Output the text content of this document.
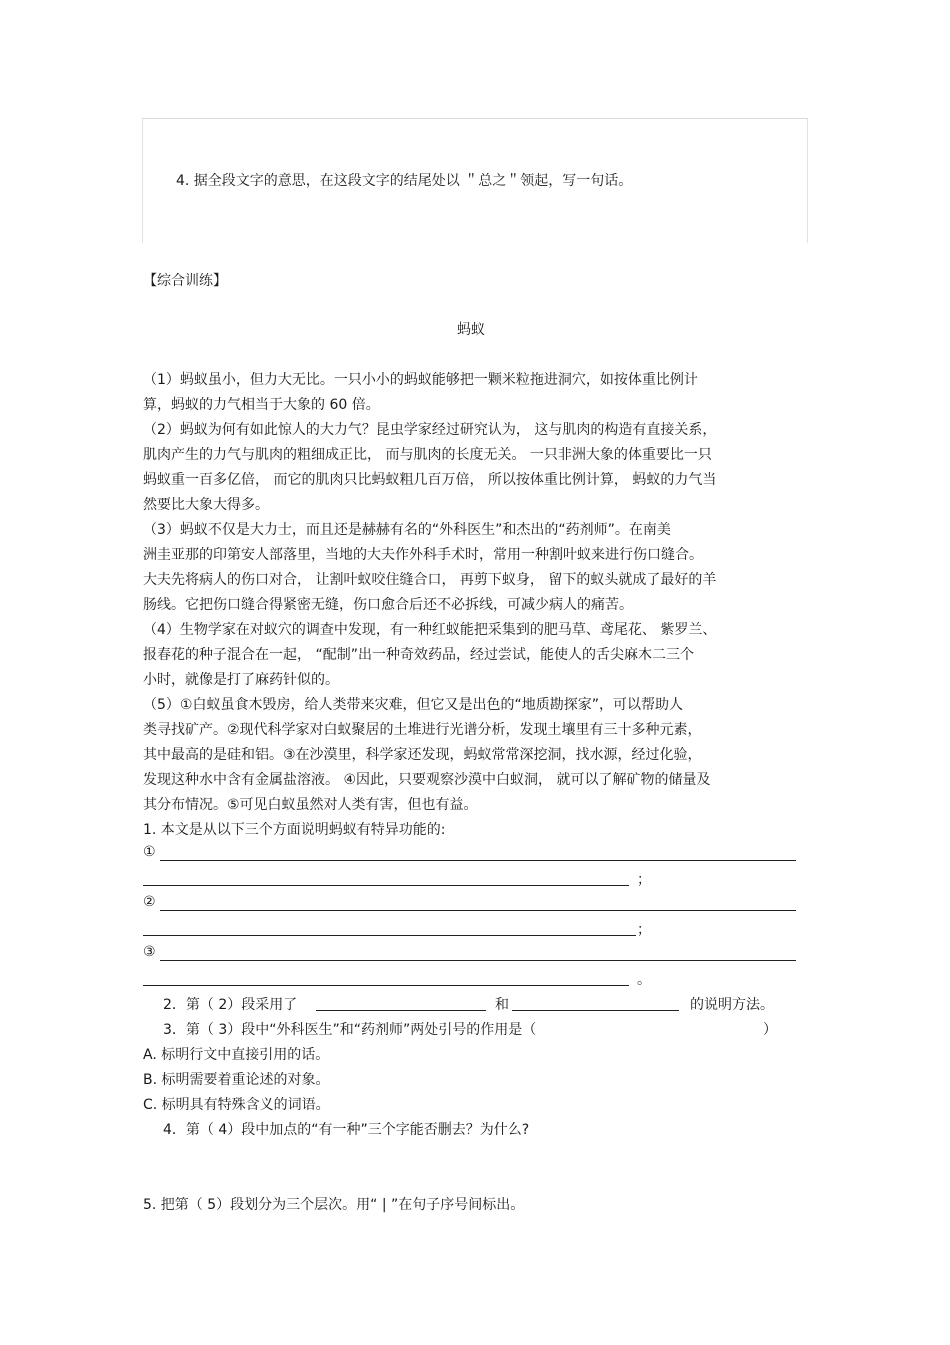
4. 据全段文字的意思，在这段文字的结尾处以 ＂总之＂领起，写一句话。
【综合训练】
蚂蚁
（1）蚂蚁虽小，但力大无比。一只小小的蚂蚁能够把一颗米粒拖进洞穴，如按体重比例计
算，蚂蚁的力气相当于大象的 60 倍。
（2）蚂蚁为何有如此惊人的大力气？昆虫学家经过研究认为， 这与肌肉的构造有直接关系，
肌肉产生的力气与肌肉的粗细成正比， 而与肌肉的长度无关。 一只非洲大象的体重要比一只
蚂蚁重一百多亿倍， 而它的肌肉只比蚂蚁粗几百万倍， 所以按体重比例计算， 蚂蚁的力气当
然要比大象大得多。
（3）蚂蚁不仅是大力士，而且还是赫赫有名的“外科医生”和杰出的“药剂师”。在南美
洲圭亚那的印第安人部落里，当地的大夫作外科手术时，常用一种割叶蚁来进行伤口缝合。
大夫先将病人的伤口对合， 让割叶蚁咬住缝合口， 再剪下蚁身， 留下的蚁头就成了最好的羊
肠线。它把伤口缝合得紧密无缝，伤口愈合后还不必拆线，可减少病人的痛苦。
（4）生物学家在对蚁穴的调查中发现，有一种红蚁能把采集到的肥马草、鸢尾花、 紫罗兰、
报春花的种子混合在一起， “配制”出一种奇效药品，经过尝试，能使人的舌尖麻木二三个
小时，就像是打了麻药针似的。
（5）①白蚁虽食木毁房，给人类带来灾难，但它又是出色的“地质勘探家”，可以帮助人
类寻找矿产。②现代科学家对白蚁聚居的土堆进行光谱分析，发现土壤里有三十多种元素，
其中最高的是硅和铝。③在沙漠里，科学家还发现，蚂蚁常常深挖洞，找水源，经过化验，
发现这种水中含有金属盐溶液。 ④因此，只要观察沙漠中白蚁洞， 就可以了解矿物的储量及
其分布情况。⑤可见白蚁虽然对人类有害，但也有益。
1. 本文是从以下三个方面说明蚂蚁有特异功能的:
①
；
②
；
③
。
2．第（ 2）段采用了	和	的说明方法。
3．第（ 3）段中“外科医生”和“药剂师”两处引号的作用是（	）
A. 标明行文中直接引用的话。
B. 标明需要着重论述的对象。
C. 标明具有特殊含义的词语。
4．第（ 4）段中加点的“有一种”三个字能否删去？为什么?
5. 把第（ 5）段划分为三个层次。用“ | ”在句子序号间标出。
